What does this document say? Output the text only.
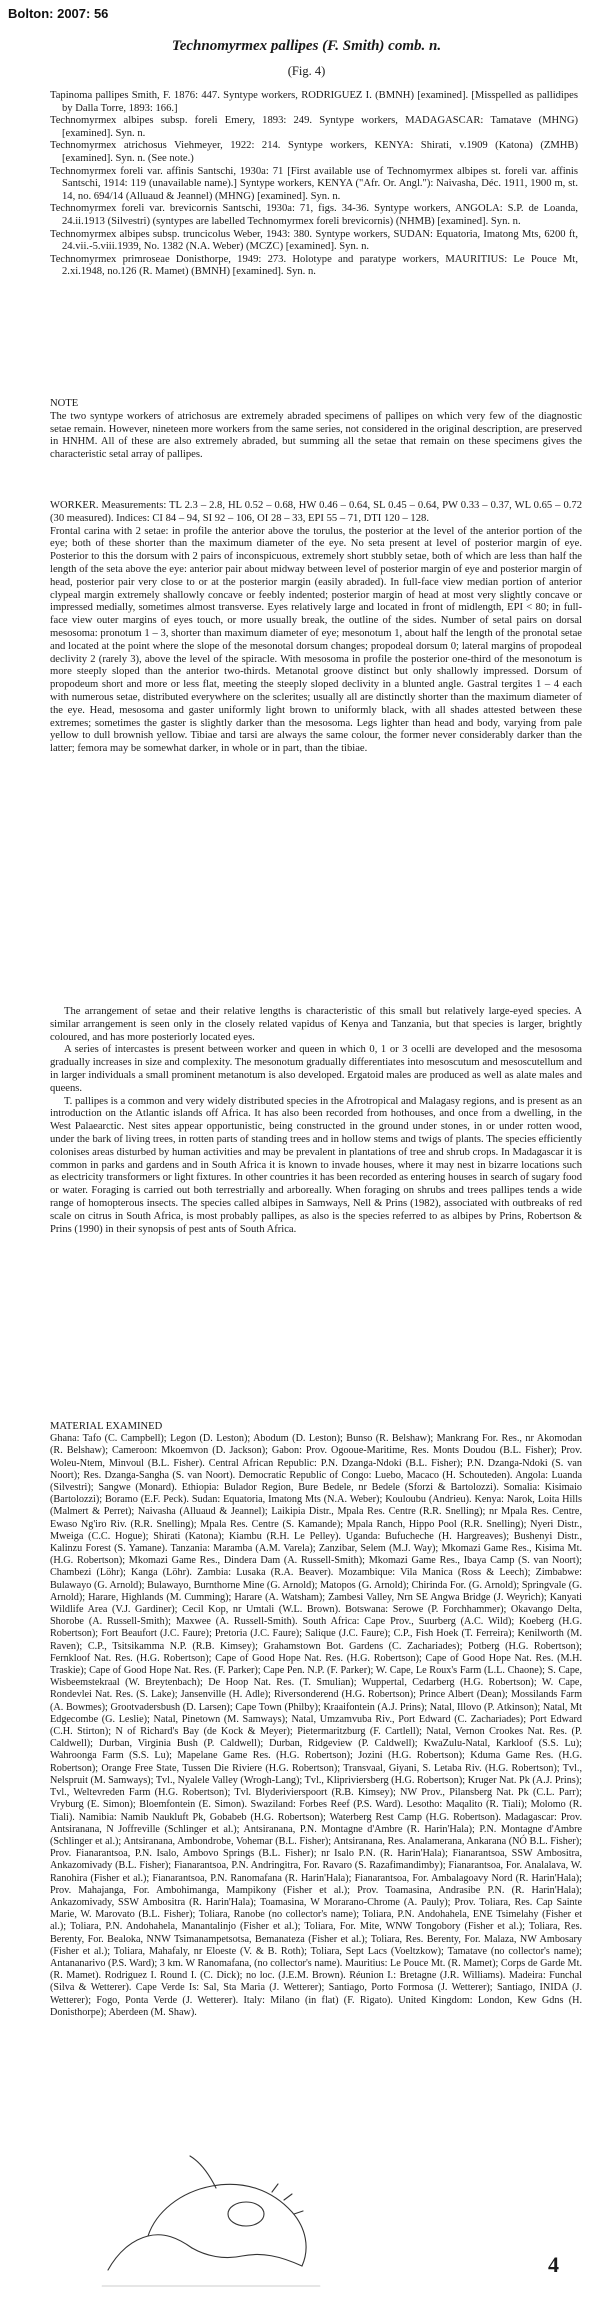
Bolton: 2007: 56
Technomyrmex pallipes (F. Smith) comb. n.
(Fig. 4)

Tapinoma pallipes Smith, F. 1876: 447. Syntype workers, RODRIGUEZ I. (BMNH) [examined]. [Misspelled as pallidipes by Dalla Torre, 1893: 166.]

Technomyrmex albipes subsp. foreli Emery, 1893: 249. Syntype workers, MADAGASCAR: Tamatave (MHNG) [examined]. Syn. n.

Technomyrmex atrichosus Viehmeyer, 1922: 214. Syntype workers, KENYA: Shirati, v.1909 (Katona) (ZMHB) [examined]. Syn. n. (See note.)

Technomyrmex foreli var. affinis Santschi, 1930a: 71 [First available use of Technomyrmex albipes st. foreli var. affinis Santschi, 1914: 119 (unavailable name).] Syntype workers, KENYA ("Afr. Or. Angl."): Naivasha, Déc. 1911, 1900 m, st. 14, no. 694/14 (Alluaud & Jeannel) (MHNG) [examined]. Syn. n.

Technomyrmex foreli var. brevicornis Santschi, 1930a: 71, figs. 34-36. Syntype workers, ANGOLA: S.P. de Loanda, 24.ii.1913 (Silvestri) (syntypes are labelled Technomyrmex foreli brevicornis) (NHMB) [examined]. Syn. n.

Technomyrmex albipes subsp. truncicolus Weber, 1943: 380. Syntype workers, SUDAN: Equatoria, Imatong Mts, 6200 ft, 24.vii.-5.viii.1939, No. 1382 (N.A. Weber) (MCZC) [examined]. Syn. n.

Technomyrmex primroseae Donisthorpe, 1949: 273. Holotype and paratype workers, MAURITIUS: Le Pouce Mt, 2.xi.1948, no.126 (R. Mamet) (BMNH) [examined]. Syn. n.

NOTE

The two syntype workers of atrichosus are extremely abraded specimens of pallipes on which very few of the diagnostic setae remain. However, nineteen more workers from the same series, not considered in the original description, are preserved in HNHM. All of these are also extremely abraded, but summing all the setae that remain on these specimens gives the characteristic setal array of pallipes.

WORKER. Measurements: TL 2.3 – 2.8, HL 0.52 – 0.68, HW 0.46 – 0.64, SL 0.45 – 0.64, PW 0.33 – 0.37, WL 0.65 – 0.72 (30 measured). Indices: CI 84 – 94, SI 92 – 106, OI 28 – 33, EPI 55 – 71, DTI 120 – 128.

Frontal carina with 2 setae: in profile the anterior above the torulus, the posterior at the level of the anterior portion of the eye; both of these shorter than the maximum diameter of the eye. No seta present at level of posterior margin of eye. Posterior to this the dorsum with 2 pairs of inconspicuous, extremely short stubbly setae, both of which are less than half the length of the seta above the eye: anterior pair about midway between level of posterior margin of eye and posterior margin of head, posterior pair very close to or at the posterior margin (easily abraded). In full-face view median portion of anterior clypeal margin extremely shallowly concave or feebly indented; posterior margin of head at most very slightly concave or impressed medially, sometimes almost transverse. Eyes relatively large and located in front of midlength, EPI < 80; in full-face view outer margins of eyes touch, or more usually break, the outline of the sides. Number of setal pairs on dorsal mesosoma: pronotum 1 – 3, shorter than maximum diameter of eye; mesonotum 1, about half the length of the pronotal setae and located at the point where the slope of the mesonotal dorsum changes; propodeal dorsum 0; lateral margins of propodeal declivity 2 (rarely 3), above the level of the spiracle. With mesosoma in profile the posterior one-third of the mesonotum is more steeply sloped than the anterior two-thirds. Metanotal groove distinct but only shallowly impressed. Dorsum of propodeum short and more or less flat, meeting the steeply sloped declivity in a blunted angle. Gastral tergites 1 – 4 each with numerous setae, distributed everywhere on the sclerites; usually all are distinctly shorter than the maximum diameter of the eye. Head, mesosoma and gaster uniformly light brown to uniformly black, with all shades attested between these extremes; sometimes the gaster is slightly darker than the mesosoma. Legs lighter than head and body, varying from pale yellow to dull brownish yellow. Tibiae and tarsi are always the same colour, the former never considerably darker than the latter; femora may be somewhat darker, in whole or in part, than the tibiae.

The arrangement of setae and their relative lengths is characteristic of this small but relatively large-eyed species. A similar arrangement is seen only in the closely related vapidus of Kenya and Tanzania, but that species is larger, brightly coloured, and has more posteriorly located eyes.

A series of intercastes is present between worker and queen in which 0, 1 or 3 ocelli are developed and the mesosoma gradually increases in size and complexity. The mesonotum gradually differentiates into mesoscutum and mesoscutellum and in larger individuals a small prominent metanotum is also developed. Ergatoid males are produced as well as alate males and queens.

T. pallipes is a common and very widely distributed species in the Afrotropical and Malagasy regions, and is present as an introduction on the Atlantic islands off Africa. It has also been recorded from hothouses, and once from a dwelling, in the West Palaearctic. Nest sites appear opportunistic, being constructed in the ground under stones, in or under rotten wood, under the bark of living trees, in rotten parts of standing trees and in hollow stems and twigs of plants. The species efficiently colonises areas disturbed by human activities and may be prevalent in plantations of tree and shrub crops. In Madagascar it is common in parks and gardens and in South Africa it is known to invade houses, where it may nest in bizarre locations such as electricity transformers or light fixtures. In other countries it has been recorded as entering houses in search of sugary food or water. Foraging is carried out both terrestrially and arboreally. When foraging on shrubs and trees pallipes tends a wide range of homopterous insects. The species called albipes in Samways, Nell & Prins (1982), associated with outbreaks of red scale on citrus in South Africa, is most probably pallipes, as also is the species referred to as albipes by Prins, Robertson & Prins (1990) in their synopsis of pest ants of South Africa.

MATERIAL EXAMINED

Ghana: Tafo (C. Campbell); Legon (D. Leston); Abodum (D. Leston); Bunso (R. Belshaw); Mankrang For. Res., nr Akomodan (R. Belshaw); Cameroon: Mkoemvon (D. Jackson); Gabon: Prov. Ogooue-Maritime, Res. Monts Doudou (B.L. Fisher); Prov. Woleu-Ntem, Minvoul (B.L. Fisher). Central African Republic: P.N. Dzanga-Ndoki (B.L. Fisher); P.N. Dzanga-Ndoki (S. van Noort); Res. Dzanga-Sangha (S. van Noort). Democratic Republic of Congo: Luebo, Macaco (H. Schouteden). Angola: Luanda (Silvestri); Sangwe (Monard). Ethiopia: Bulador Region, Bure Bedele, nr Bedele (Sforzi & Bartolozzi). Somalia: Kisimaio (Bartolozzi); Boramo (E.F. Peck). Sudan: Equatoria, Imatong Mts (N.A. Weber); Kouloubu (Andrieu). Kenya: Narok, Loita Hills (Malmert & Perret); Naivasha (Alluaud & Jeannel); Laikipia Distr., Mpala Res. Centre (R.R. Snelling); nr Mpala Res. Centre, Ewaso Ng'iro Riv. (R.R. Snelling); Mpala Res. Centre (S. Kamande); Mpala Ranch, Hippo Pool (R.R. Snelling); Nyeri Distr., Mweiga (C.C. Hogue); Shirati (Katona); Kiambu (R.H. Le Pelley). Uganda: Bufucheche (H. Hargreaves); Bushenyi Distr., Kalinzu Forest (S. Yamane). Tanzania: Maramba (A.M. Varela); Zanzibar, Selem (M.J. Way); Mkomazi Game Res., Kisima Mt. (H.G. Robertson); Mkomazi Game Res., Dindera Dam (A. Russell-Smith); Mkomazi Game Res., Ibaya Camp (S. van Noort); Chambezi (Löhr); Kanga (Löhr). Zambia: Lusaka (R.A. Beaver). Mozambique: Vila Manica (Ross & Leech); Zimbabwe: Bulawayo (G. Arnold); Bulawayo, Burnthorne Mine (G. Arnold); Matopos (G. Arnold); Chirinda For. (G. Arnold); Springvale (G. Arnold); Harare, Highlands (M. Cumming); Harare (A. Watsham); Zambesi Valley, Nrn SE Angwa Bridge (J. Weyrich); Kanyati Wildlife Area (V.J. Gardiner); Cecil Kop, nr Umtali (W.L. Brown). Botswana: Serowe (P. Forchhammer); Okavango Delta, Shorobe (A. Russell-Smith); Maxwee (A. Russell-Smith). South Africa: Cape Prov., Suurberg (A.C. Wild); Koeberg (H.G. Robertson); Fort Beaufort (J.C. Faure); Pretoria (J.C. Faure); Salique (J.C. Faure); C.P., Fish Hoek (T. Ferreira); Kenilworth (M. Raven); C.P., Tsitsikamma N.P. (R.B. Kimsey); Grahamstown Bot. Gardens (C. Zachariades); Potberg (H.G. Robertson); Fernkloof Nat. Res. (H.G. Robertson); Cape of Good Hope Nat. Res. (H.G. Robertson); Cape of Good Hope Nat. Res. (M.H. Traskie); Cape of Good Hope Nat. Res. (F. Parker); Cape Pen. N.P. (F. Parker); W. Cape, Le Roux's Farm (L.L. Chaone); S. Cape, Wisbeemstekraal (W. Breytenbach); De Hoop Nat. Res. (T. Smulian); Wuppertal, Cedarberg (H.G. Robertson); W. Cape, Rondevlei Nat. Res. (S. Lake); Jansenville (H. Adle); Riversonderend (H.G. Robertson); Prince Albert (Dean); Mossilands Farm (A. Bowmes); Grootvadersbush (D. Larsen); Cape Town (Philby); Kraaifontein (A.J. Prins); Natal, Illovo (P. Atkinson); Natal, Mt Edgecombe (G. Leslie); Natal, Pinetown (M. Samways); Natal, Umzamvuba Riv., Port Edward (C. Zachariades); Port Edward (C.H. Stirton); N of Richard's Bay (de Kock & Meyer); Pietermaritzburg (F. Cartlell); Natal, Vernon Crookes Nat. Res. (P. Caldwell); Durban, Virginia Bush (P. Caldwell); Durban, Ridgeview (P. Caldwell); KwaZulu-Natal, Karkloof (S.S. Lu); Wahroonga Farm (S.S. Lu); Mapelane Game Res. (H.G. Robertson); Jozini (H.G. Robertson); Kduma Game Res. (H.G. Robertson); Orange Free State, Tussen Die Riviere (H.G. Robertson); Transvaal, Giyani, S. Letaba Riv. (H.G. Robertson); Tvl., Nelspruit (M. Samways); Tvl., Nyalele Valley (Wrogh-Lang); Tvl., Klipriviersberg (H.G. Robertson); Kruger Nat. Pk (A.J. Prins); Tvl., Weltevreden Farm (H.G. Robertson); Tvl. Blyderivierspoort (R.B. Kimsey); NW Prov., Pilansberg Nat. Pk (C.L. Parr); Vryburg (E. Simon); Bloemfontein (E. Simon). Swaziland: Forbes Reef (P.S. Ward). Lesotho: Maqalito (R. Tiali); Molomo (R. Tiali). Namibia: Namib Naukluft Pk, Gobabeb (H.G. Robertson); Waterberg Rest Camp (H.G. Robertson). Madagascar: Prov. Antsiranana, N Joffreville (Schlinger et al.); Antsiranana, P.N. Montagne d'Ambre (R. Harin'Hala); P.N. Montagne d'Ambre (Schlinger et al.); Antsiranana, Ambondrobe, Vohemar (B.L. Fisher); Antsiranana, Res. Analamerana, Ankarana (NÓ B.L. Fisher); Prov. Fianarantsoa, P.N. Isalo, Ambovo Springs (B.L. Fisher); nr Isalo P.N. (R. Harin'Hala); Fianarantsoa, SSW Ambositra, Ankazomivady (B.L. Fisher); Fianarantsoa, P.N. Andringitra, For. Ravaro (S. Razafimandimby); Fianarantsoa, For. Analalava, W. Ranohira (Fisher et al.); Fianarantsoa, P.N. Ranomafana (R. Harin'Hala); Fianarantsoa, For. Ambalagoavy Nord (R. Harin'Hala); Prov. Mahajanga, For. Ambohimanga, Mampikony (Fisher et al.); Prov. Toamasina, Andrasibe P.N. (R. Harin'Hala); Ankazomivady, SSW Ambositra (R. Harin'Hala); Toamasina, W Morarano-Chrome (A. Pauly); Prov. Toliara, Res. Cap Sainte Marie, W. Marovato (B.L. Fisher); Toliara, Ranobe (no collector's name); Toliara, P.N. Andohahela, ENE Tsimelahy (Fisher et al.); Toliara, P.N. Andohahela, Manantalinjo (Fisher et al.); Toliara, For. Mite, WNW Tongobory (Fisher et al.); Toliara, Res. Berenty, For. Bealoka, NNW Tsimanampetsotsa, Bemanateza (Fisher et al.); Toliara, Res. Berenty, For. Malaza, NW Ambosary (Fisher et al.); Toliara, Mahafaly, nr Eloeste (V. & B. Roth); Toliara, Sept Lacs (Voeltzkow); Tamatave (no collector's name); Antananarivo (P.S. Ward); 3 km. W Ranomafana, (no collector's name). Mauritius: Le Pouce Mt. (R. Mamet); Corps de Garde Mt. (R. Mamet). Rodriguez I. Round I. (C. Dick); no loc. (J.E.M. Brown). Réunion I.: Bretagne (J.R. Williams). Madeira: Funchal (Silva & Wetterer). Cape Verde Is: Sal, Sta Maria (J. Wetterer); Santiago, Porto Formosa (J. Wetterer); Santiago, INIDA (J. Wetterer); Fogo, Ponta Verde (J. Wetterer). Italy: Milano (in flat) (F. Rigato). United Kingdom: London, Kew Gdns (H. Donisthorpe); Aberdeen (M. Shaw).

4
